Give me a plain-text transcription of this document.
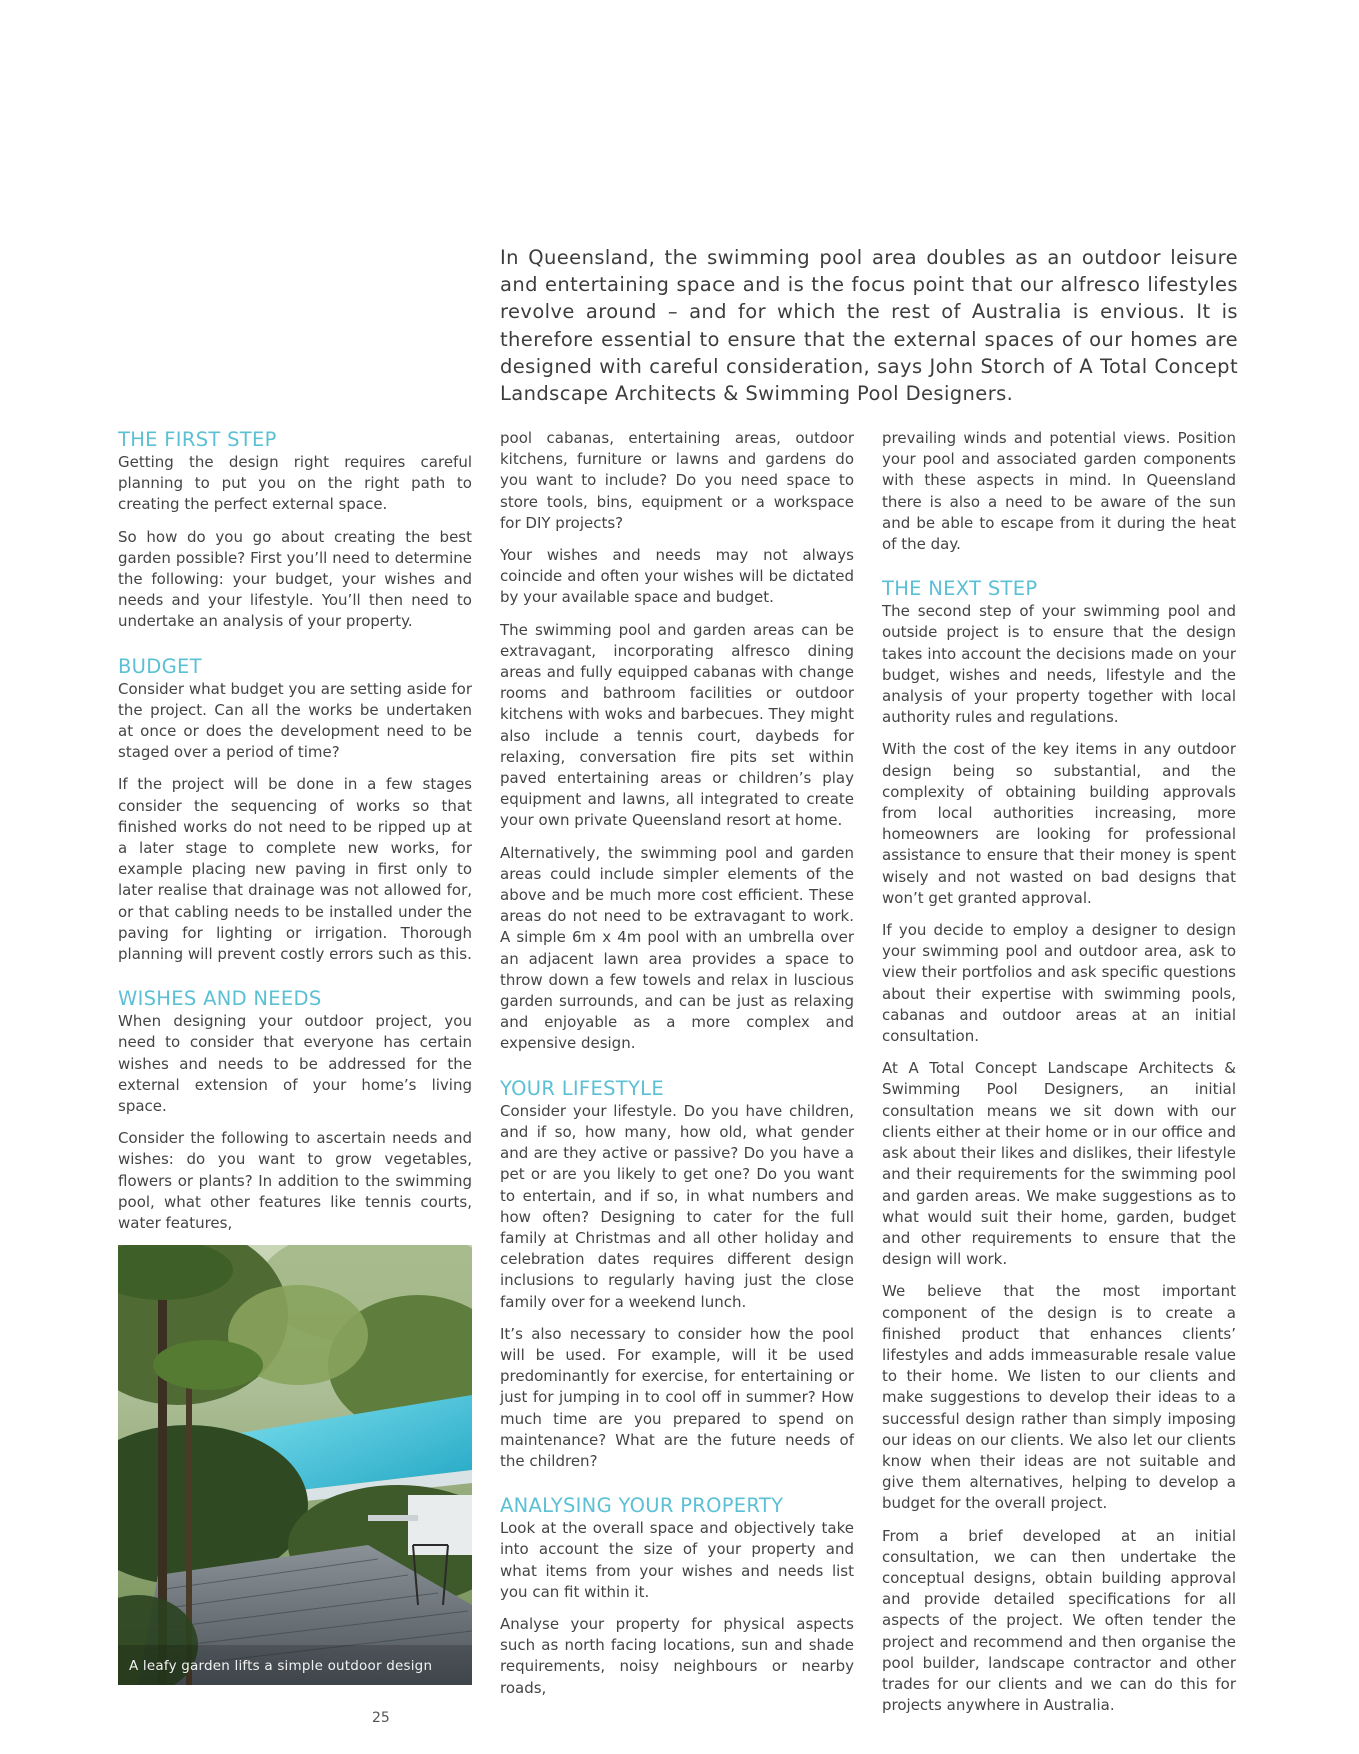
In Queensland, the swimming pool area doubles as an outdoor leisure and entertaining space and is the focus point that our alfresco lifestyles revolve around – and for which the rest of Australia is envious. It is therefore essential to ensure that the external spaces of our homes are designed with careful consideration, says John Storch of A Total Concept Landscape Architects & Swimming Pool Designers.

THE FIRST STEP

Getting the design right requires careful planning to put you on the right path to creating the perfect external space.

So how do you go about creating the best garden possible? First you’ll need to determine the following: your budget, your wishes and needs and your lifestyle. You’ll then need to undertake an analysis of your property.

BUDGET

Consider what budget you are setting aside for the project. Can all the works be undertaken at once or does the development need to be staged over a period of time?

If the project will be done in a few stages consider the sequencing of works so that finished works do not need to be ripped up at a later stage to complete new works, for example placing new paving in first only to later realise that drainage was not allowed for, or that cabling needs to be installed under the paving for lighting or irrigation. Thorough planning will prevent costly errors such as this.

WISHES AND NEEDS

When designing your outdoor project, you need to consider that everyone has certain wishes and needs to be addressed for the external extension of your home’s living space.

Consider the following to ascertain needs and wishes: do you want to grow vegetables, flowers or plants? In addition to the swimming pool, what other features like tennis courts, water features,

A leafy garden lifts a simple outdoor design

pool cabanas, entertaining areas, outdoor kitchens, furniture or lawns and gardens do you want to include? Do you need space to store tools, bins, equipment or a workspace for DIY projects?

Your wishes and needs may not always coincide and often your wishes will be dictated by your available space and budget.

The swimming pool and garden areas can be extravagant, incorporating alfresco dining areas and fully equipped cabanas with change rooms and bathroom facilities or outdoor kitchens with woks and barbecues. They might also include a tennis court, daybeds for relaxing, conversation fire pits set within paved entertaining areas or children’s play equipment and lawns, all integrated to create your own private Queensland resort at home.

Alternatively, the swimming pool and garden areas could include simpler elements of the above and be much more cost efficient. These areas do not need to be extravagant to work. A simple 6m x 4m pool with an umbrella over an adjacent lawn area provides a space to throw down a few towels and relax in luscious garden surrounds, and can be just as relaxing and enjoyable as a more complex and expensive design.

YOUR LIFESTYLE

Consider your lifestyle. Do you have children, and if so, how many, how old, what gender and are they active or passive? Do you have a pet or are you likely to get one? Do you want to entertain, and if so, in what numbers and how often? Designing to cater for the full family at Christmas and all other holiday and celebration dates requires different design inclusions to regularly having just the close family over for a weekend lunch.

It’s also necessary to consider how the pool will be used. For example, will it be used predominantly for exercise, for entertaining or just for jumping in to cool off in summer? How much time are you prepared to spend on maintenance? What are the future needs of the children?

ANALYSING YOUR PROPERTY

Look at the overall space and objectively take into account the size of your property and what items from your wishes and needs list you can fit within it.

Analyse your property for physical aspects such as north facing locations, sun and shade requirements, noisy neighbours or nearby roads,

prevailing winds and potential views. Position your pool and associated garden components with these aspects in mind. In Queensland there is also a need to be aware of the sun and be able to escape from it during the heat of the day.

THE NEXT STEP

The second step of your swimming pool and outside project is to ensure that the design takes into account the decisions made on your budget, wishes and needs, lifestyle and the analysis of your property together with local authority rules and regulations.

With the cost of the key items in any outdoor design being so substantial, and the complexity of obtaining building approvals from local authorities increasing, more homeowners are looking for professional assistance to ensure that their money is spent wisely and not wasted on bad designs that won’t get granted approval.

If you decide to employ a designer to design your swimming pool and outdoor area, ask to view their portfolios and ask specific questions about their expertise with swimming pools, cabanas and outdoor areas at an initial consultation.

At A Total Concept Landscape Architects & Swimming Pool Designers, an initial consultation means we sit down with our clients either at their home or in our office and ask about their likes and dislikes, their lifestyle and their requirements for the swimming pool and garden areas. We make suggestions as to what would suit their home, garden, budget and other requirements to ensure that the design will work.

We believe that the most important component of the design is to create a finished product that enhances clients’ lifestyles and adds immeasurable resale value to their home. We listen to our clients and make suggestions to develop their ideas to a successful design rather than simply imposing our ideas on our clients. We also let our clients know when their ideas are not suitable and give them alternatives, helping to develop a budget for the overall project.

From a brief developed at an initial consultation, we can then undertake the conceptual designs, obtain building approval and provide detailed specifications for all aspects of the project. We often tender the project and recommend and then organise the pool builder, landscape contractor and other trades for our clients and we can do this for projects anywhere in Australia.

25
